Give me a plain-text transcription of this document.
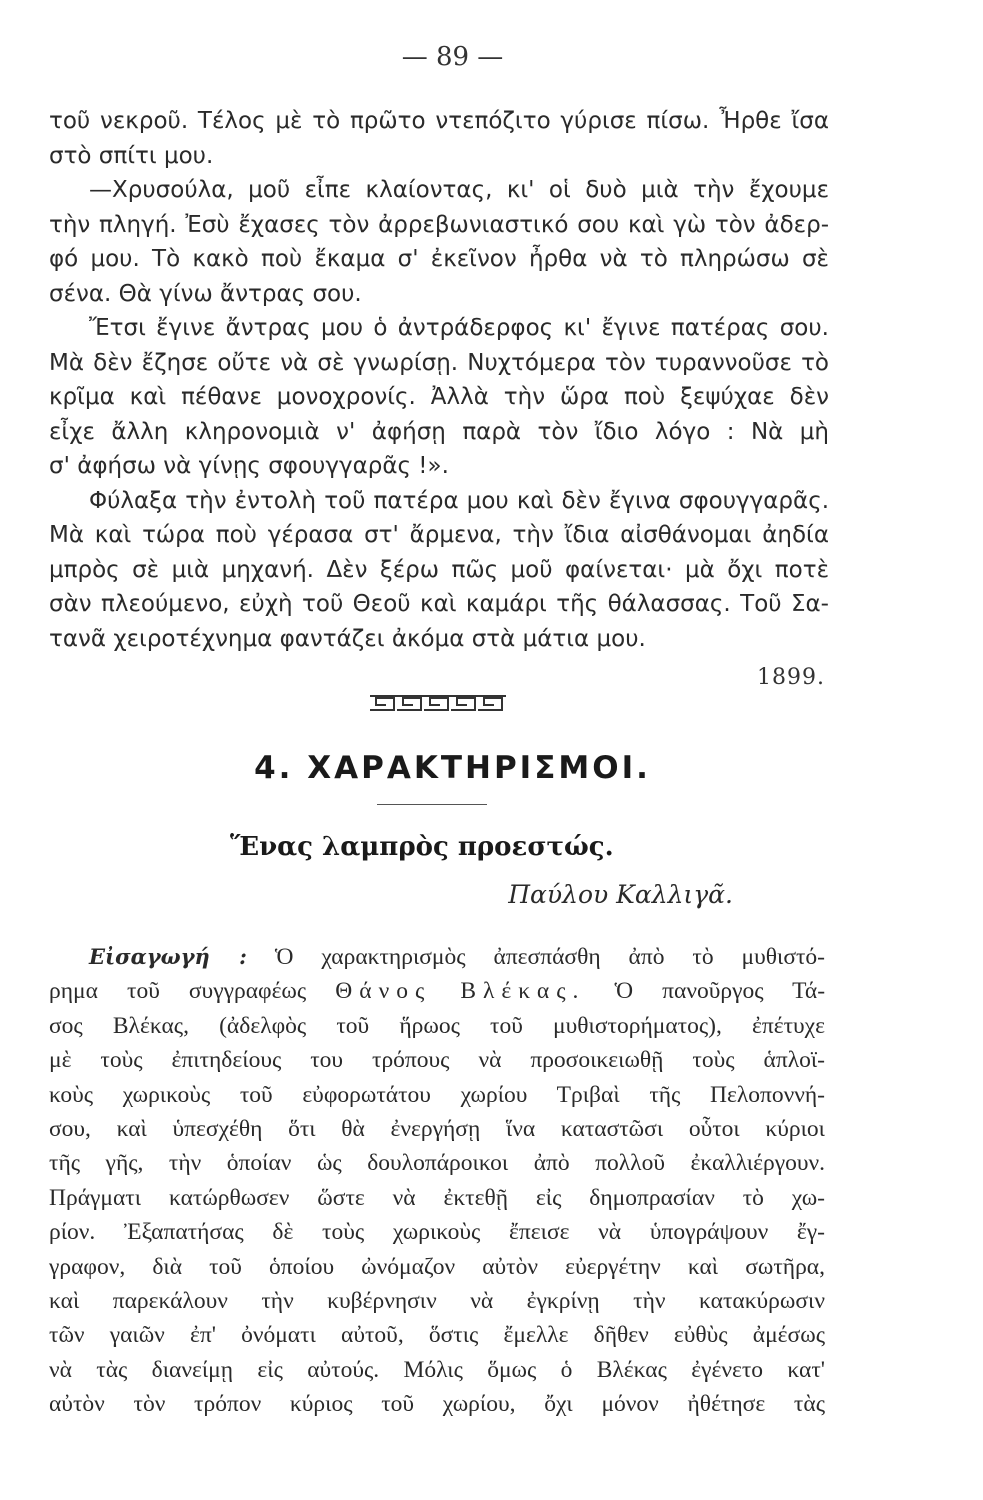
— 89 —
τοῦ νεκροῦ. Τέλος μὲ τὸ πρῶτο ντεπόζιτο γύρισε πίσω. Ἦρθε ἴσα
στὸ σπίτι μου.
—Χρυσούλα, μοῦ εἶπε κλαίοντας, κι' οἱ δυὸ μιὰ τὴν ἔχουμε
τὴν πληγή. Ἐσὺ ἔχασες τὸν ἀρρεβωνιαστικό σου καὶ γὼ τὸν ἀδερ-
φό μου. Τὸ κακὸ ποὺ ἔκαμα σ' ἐκεῖνον ἦρθα νὰ τὸ πληρώσω σὲ
σένα. Θὰ γίνω ἄντρας σου.
Ἔτσι ἔγινε ἄντρας μου ὁ ἀντράδερφος κι' ἔγινε πατέρας σου.
Μὰ δὲν ἔζησε οὔτε νὰ σὲ γνωρίσῃ. Νυχτόμερα τὸν τυραννοῦσε τὸ
κρῖμα καὶ πέθανε μονοχρονίς. Ἀλλὰ τὴν ὥρα ποὺ ξεψύχαε δὲν
εἶχε ἄλλη κληρονομιὰ ν' ἀφήσῃ παρὰ τὸν ἴδιο λόγο : Νὰ μὴ
σ' ἀφήσω νὰ γίνῃς σφουγγαρᾶς !».
Φύλαξα τὴν ἐντολὴ τοῦ πατέρα μου καὶ δὲν ἔγινα σφουγγαρᾶς.
Μὰ καὶ τώρα ποὺ γέρασα στ' ἄρμενα, τὴν ἴδια αἰσθάνομαι ἀηδία
μπρὸς σὲ μιὰ μηχανή. Δὲν ξέρω πῶς μοῦ φαίνεται· μὰ ὄχι ποτὲ
σὰν πλεούμενο, εὐχὴ τοῦ Θεοῦ καὶ καμάρι τῆς θάλασσας. Τοῦ Σα-
τανᾶ χειροτέχνημα φαντάζει ἀκόμα στὰ μάτια μου.
1899.
4. ΧΑΡΑΚΤΗΡΙΣΜΟΙ.
Ἕνας λαμπρὸς προεστώς.
Παύλου Καλλιγᾶ.
Εἰσαγωγή : Ὁ χαρακτηρισμὸς ἀπεσπάσθη ἀπὸ τὸ μυθιστό-
ρημα τοῦ συγγραφέως Θάνος Βλέκας. Ὁ πανοῦργος Τά-
σος Βλέκας, (ἀδελφὸς τοῦ ἥρωος τοῦ μυθιστορήματος), ἐπέτυχε
μὲ τοὺς ἐπιτηδείους του τρόπους νὰ προσοικειωθῇ τοὺς ἁπλοϊ-
κοὺς χωρικοὺς τοῦ εὐφορωτάτου χωρίου Τριβαὶ τῆς Πελοποννή-
σου, καὶ ὑπεσχέθη ὅτι θὰ ἐνεργήσῃ ἵνα καταστῶσι οὗτοι κύριοι
τῆς γῆς, τὴν ὁποίαν ὡς δουλοπάροικοι ἀπὸ πολλοῦ ἐκαλλιέργουν.
Πράγματι κατώρθωσεν ὥστε νὰ ἐκτεθῇ εἰς δημοπρασίαν τὸ χω-
ρίον. Ἐξαπατήσας δὲ τοὺς χωρικοὺς ἔπεισε νὰ ὑπογράψουν ἔγ-
γραφον, διὰ τοῦ ὁποίου ὠνόμαζον αὐτὸν εὐεργέτην καὶ σωτῆρα,
καὶ παρεκάλουν τὴν κυβέρνησιν νὰ ἐγκρίνῃ τὴν κατακύρωσιν
τῶν γαιῶν ἐπ' ὀνόματι αὐτοῦ, ὅστις ἔμελλε δῆθεν εὐθὺς ἀμέσως
νὰ τὰς διανείμῃ εἰς αὐτούς. Μόλις ὅμως ὁ Βλέκας ἐγένετο κατ'
αὐτὸν τὸν τρόπον κύριος τοῦ χωρίου, ὄχι μόνον ἠθέτησε τὰς
